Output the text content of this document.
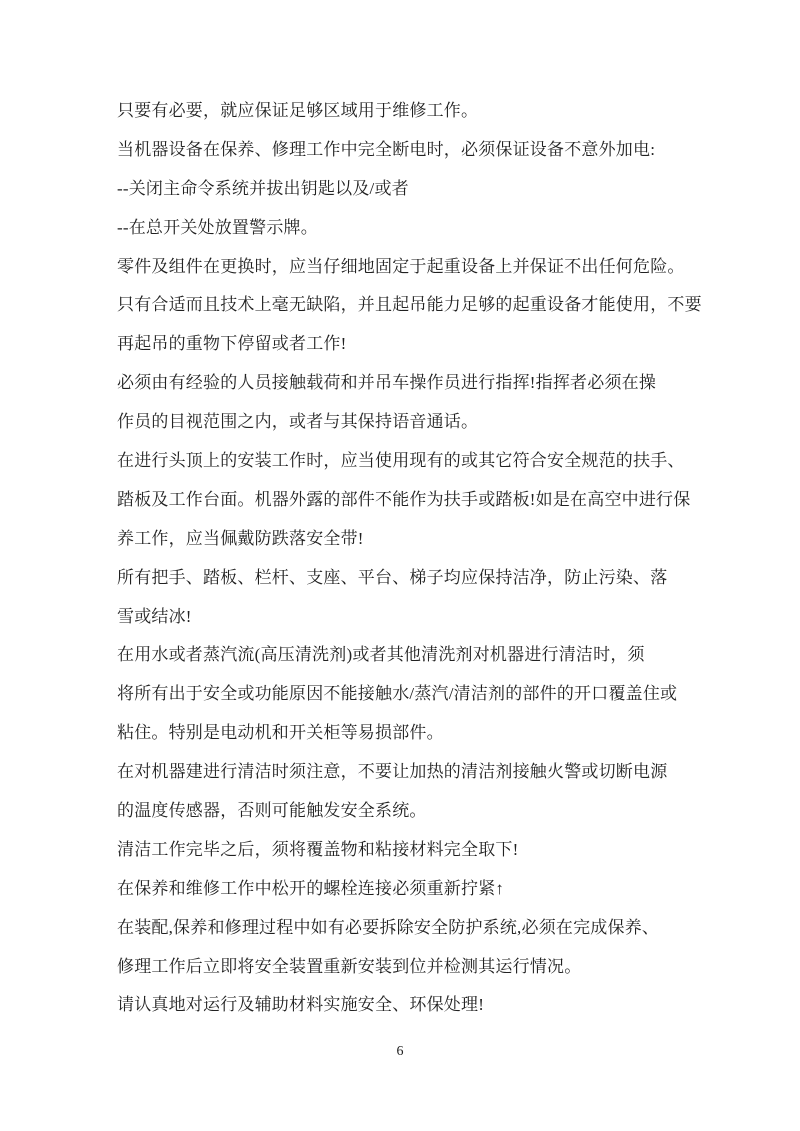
只要有必要，就应保证足够区域用于维修工作。
当机器设备在保养、修理工作中完全断电时，必须保证设备不意外加电:
--关闭主命令系统并拔出钥匙以及/或者
--在总开关处放置警示牌。
零件及组件在更换时，应当仔细地固定于起重设备上并保证不出任何危险。
只有合适而且技术上毫无缺陷，并且起吊能力足够的起重设备才能使用，不要
再起吊的重物下停留或者工作!
必须由有经验的人员接触载荷和并吊车操作员进行指挥!指挥者必须在操
作员的目视范围之内，或者与其保持语音通话。
在进行头顶上的安装工作时，应当使用现有的或其它符合安全规范的扶手、
踏板及工作台面。机器外露的部件不能作为扶手或踏板!如是在高空中进行保
养工作，应当佩戴防跌落安全带!
所有把手、踏板、栏杆、支座、平台、梯子均应保持洁净，防止污染、落
雪或结冰!
在用水或者蒸汽流(高压清洗剂)或者其他清洗剂对机器进行清洁时，须
将所有出于安全或功能原因不能接触水/蒸汽/清洁剂的部件的开口覆盖住或
粘住。特别是电动机和开关柜等易损部件。
在对机器建进行清洁时须注意，不要让加热的清洁剂接触火警或切断电源
的温度传感器，否则可能触发安全系统。
清洁工作完毕之后，须将覆盖物和粘接材料完全取下!
在保养和维修工作中松开的螺栓连接必须重新拧紧↑
在装配,保养和修理过程中如有必要拆除安全防护系统,必须在完成保养、
修理工作后立即将安全装置重新安装到位并检测其运行情况。
请认真地对运行及辅助材料实施安全、环保处理!
6
